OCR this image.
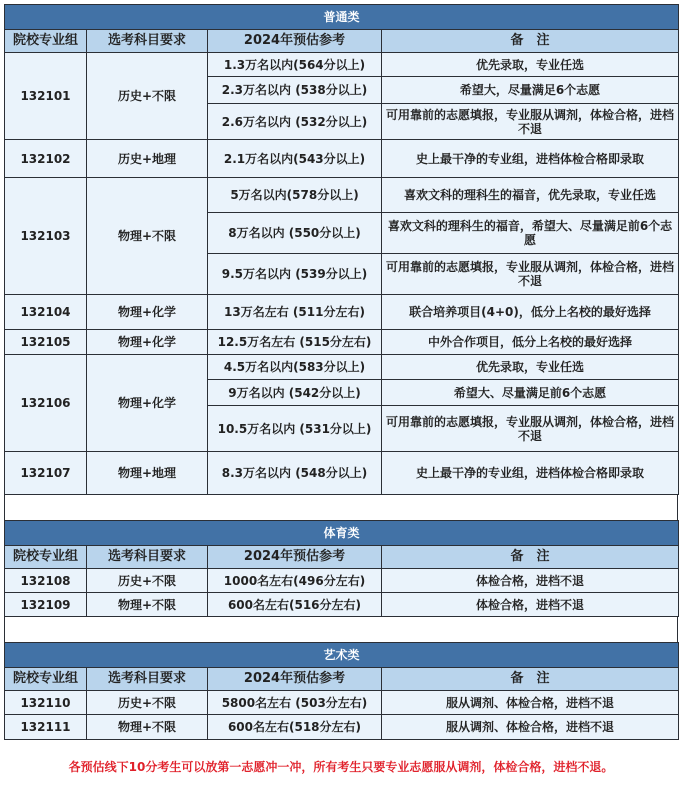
普通类			
院校专业组	选考科目要求	2024年预估参考	备　注
132101	历史+不限	1.3万名以内(564分以上)	优先录取，专业任选
		2.3万名以内 (538分以上)	希望大，尽量满足6个志愿
		2.6万名以内 (532分以上)	可用靠前的志愿填报，专业服从调剂，体检合格，进档不退
132102	历史+地理	2.1万名以内(543分以上)	史上最干净的专业组，进档体检合格即录取
132103	物理+不限	5万名以内(578分以上)	喜欢文科的理科生的福音，优先录取，专业任选
		8万名以内 (550分以上)	喜欢文科的理科生的福音，希望大、尽量满足前6个志愿
		9.5万名以内 (539分以上)	可用靠前的志愿填报，专业服从调剂，体检合格，进档不退
132104	物理+化学	13万名左右 (511分左右)	联合培养项目(4+0)，低分上名校的最好选择
132105	物理+化学	12.5万名左右 (515分左右)	中外合作项目，低分上名校的最好选择
132106	物理+化学	4.5万名以内(583分以上)	优先录取，专业任选
		9万名以内 (542分以上)	希望大、尽量满足前6个志愿
		10.5万名以内 (531分以上)	可用靠前的志愿填报，专业服从调剂，体检合格，进档不退
132107	物理+地理	8.3万名以内 (548分以上)	史上最干净的专业组，进档体检合格即录取
体育类			
院校专业组	选考科目要求	2024年预估参考	备　注
132108	历史+不限	1000名左右(496分左右)	体检合格，进档不退
132109	物理+不限	600名左右(516分左右)	体检合格，进档不退
艺术类			
院校专业组	选考科目要求	2024年预估参考	备　注
132110	历史+不限	5800名左右 (503分左右)	服从调剂、体检合格，进档不退
132111	物理+不限	600名左右(518分左右)	服从调剂、体检合格，进档不退
各预估线下10分考生可以放第一志愿冲一冲，所有考生只要专业志愿服从调剂，体检合格，进档不退。
